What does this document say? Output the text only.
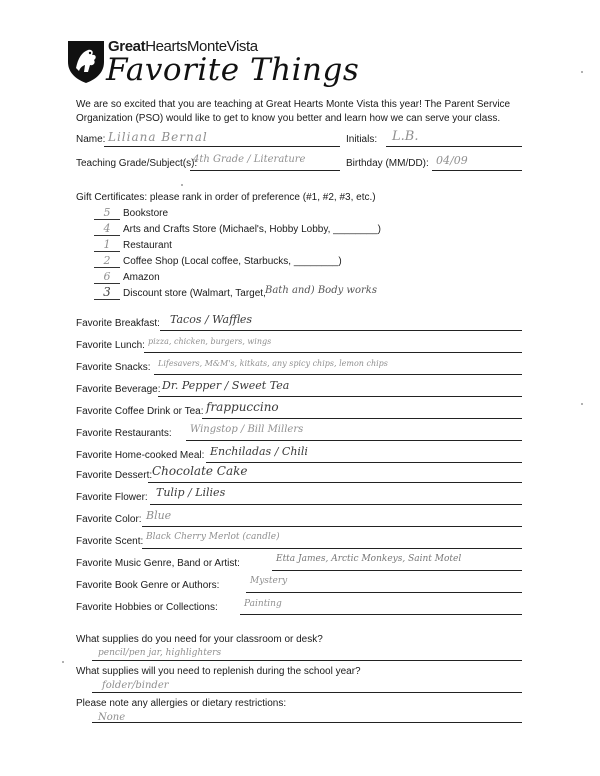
GreatHeartsMonteVista
Favorite Things
We are so excited that you are teaching at Great Hearts Monte Vista this year! The Parent Service Organization (PSO) would like to get to know you better and learn how we can serve your class.
Name: Liliana Bernal	Initials: L.B.
Teaching Grade/Subject(s):
4th Grade / Literature	Birthday (MM/DD): 04/09
Gift Certificates: please rank in order of preference (#1, #2, #3, etc.)
5	Bookstore
4	Arts and Crafts Store (Michael's, Hobby Lobby, ________)
1	Restaurant
2	Coffee Shop (Local coffee, Starbucks, ________)
6	Amazon
3	Discount store (Walmart, Target, Bath and) Body works
Favorite Breakfast: Tacos / Waffles
Favorite Lunch: pizza, chicken, burgers, wings
Favorite Snacks: Lifesavers, M&M's, kitkats, any spicy chips, lemon chips
Favorite Beverage: Dr. Pepper / Sweet Tea
Favorite Coffee Drink or Tea: frappuccino
Favorite Restaurants: Wingstop / Bill Millers
Favorite Home-cooked Meal: Enchiladas / Chili
Favorite Dessert: Chocolate Cake
Favorite Flower: Tulip / Lilies
Favorite Color: Blue
Favorite Scent: Black Cherry Merlot (candle)
Favorite Music Genre, Band or Artist:	Etta James, Arctic Monkeys, Saint Motel
Favorite Book Genre or Authors:	Mystery
Favorite Hobbies or Collections:	Painting
What supplies do you need for your classroom or desk?
pencil/pen jar, highlighters
What supplies will you need to replenish during the school year?
folder/binder
Please note any allergies or dietary restrictions:
None
